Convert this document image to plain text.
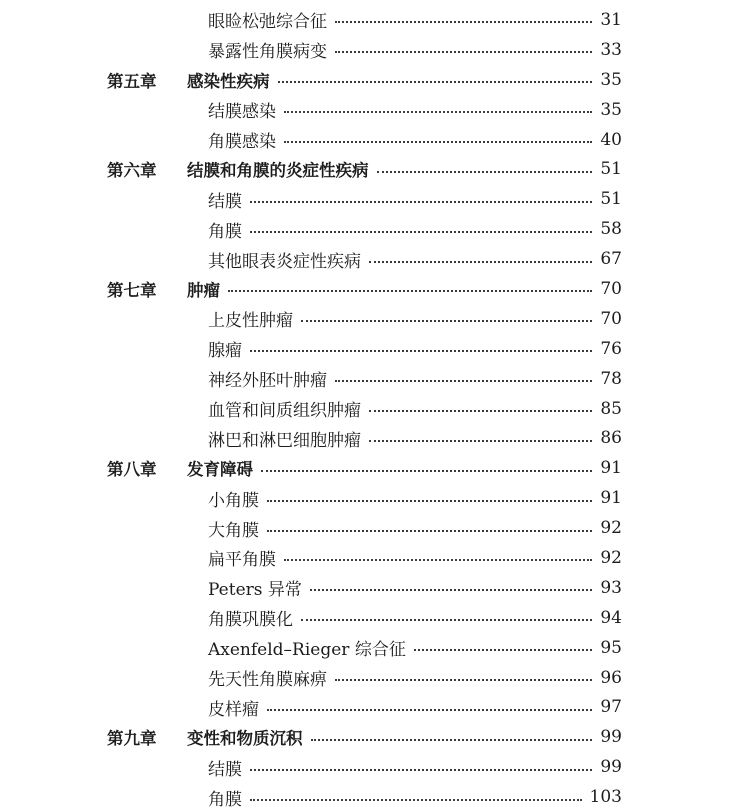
眼睑松弛综合征	31
暴露性角膜病变	33
第五章 感染性疾病	35
结膜感染	35
角膜感染	40
第六章 结膜和角膜的炎症性疾病	51
结膜	51
角膜	58
其他眼表炎症性疾病	67
第七章 肿瘤	70
上皮性肿瘤	70
腺瘤	76
神经外胚叶肿瘤	78
血管和间质组织肿瘤	85
淋巴和淋巴细胞肿瘤	86
第八章 发育障碍	91
小角膜	91
大角膜	92
扁平角膜	92
Peters 异常	93
角膜巩膜化	94
Axenfeld–Rieger 综合征	95
先天性角膜麻痹	96
皮样瘤	97
第九章 变性和物质沉积	99
结膜	99
角膜	103
